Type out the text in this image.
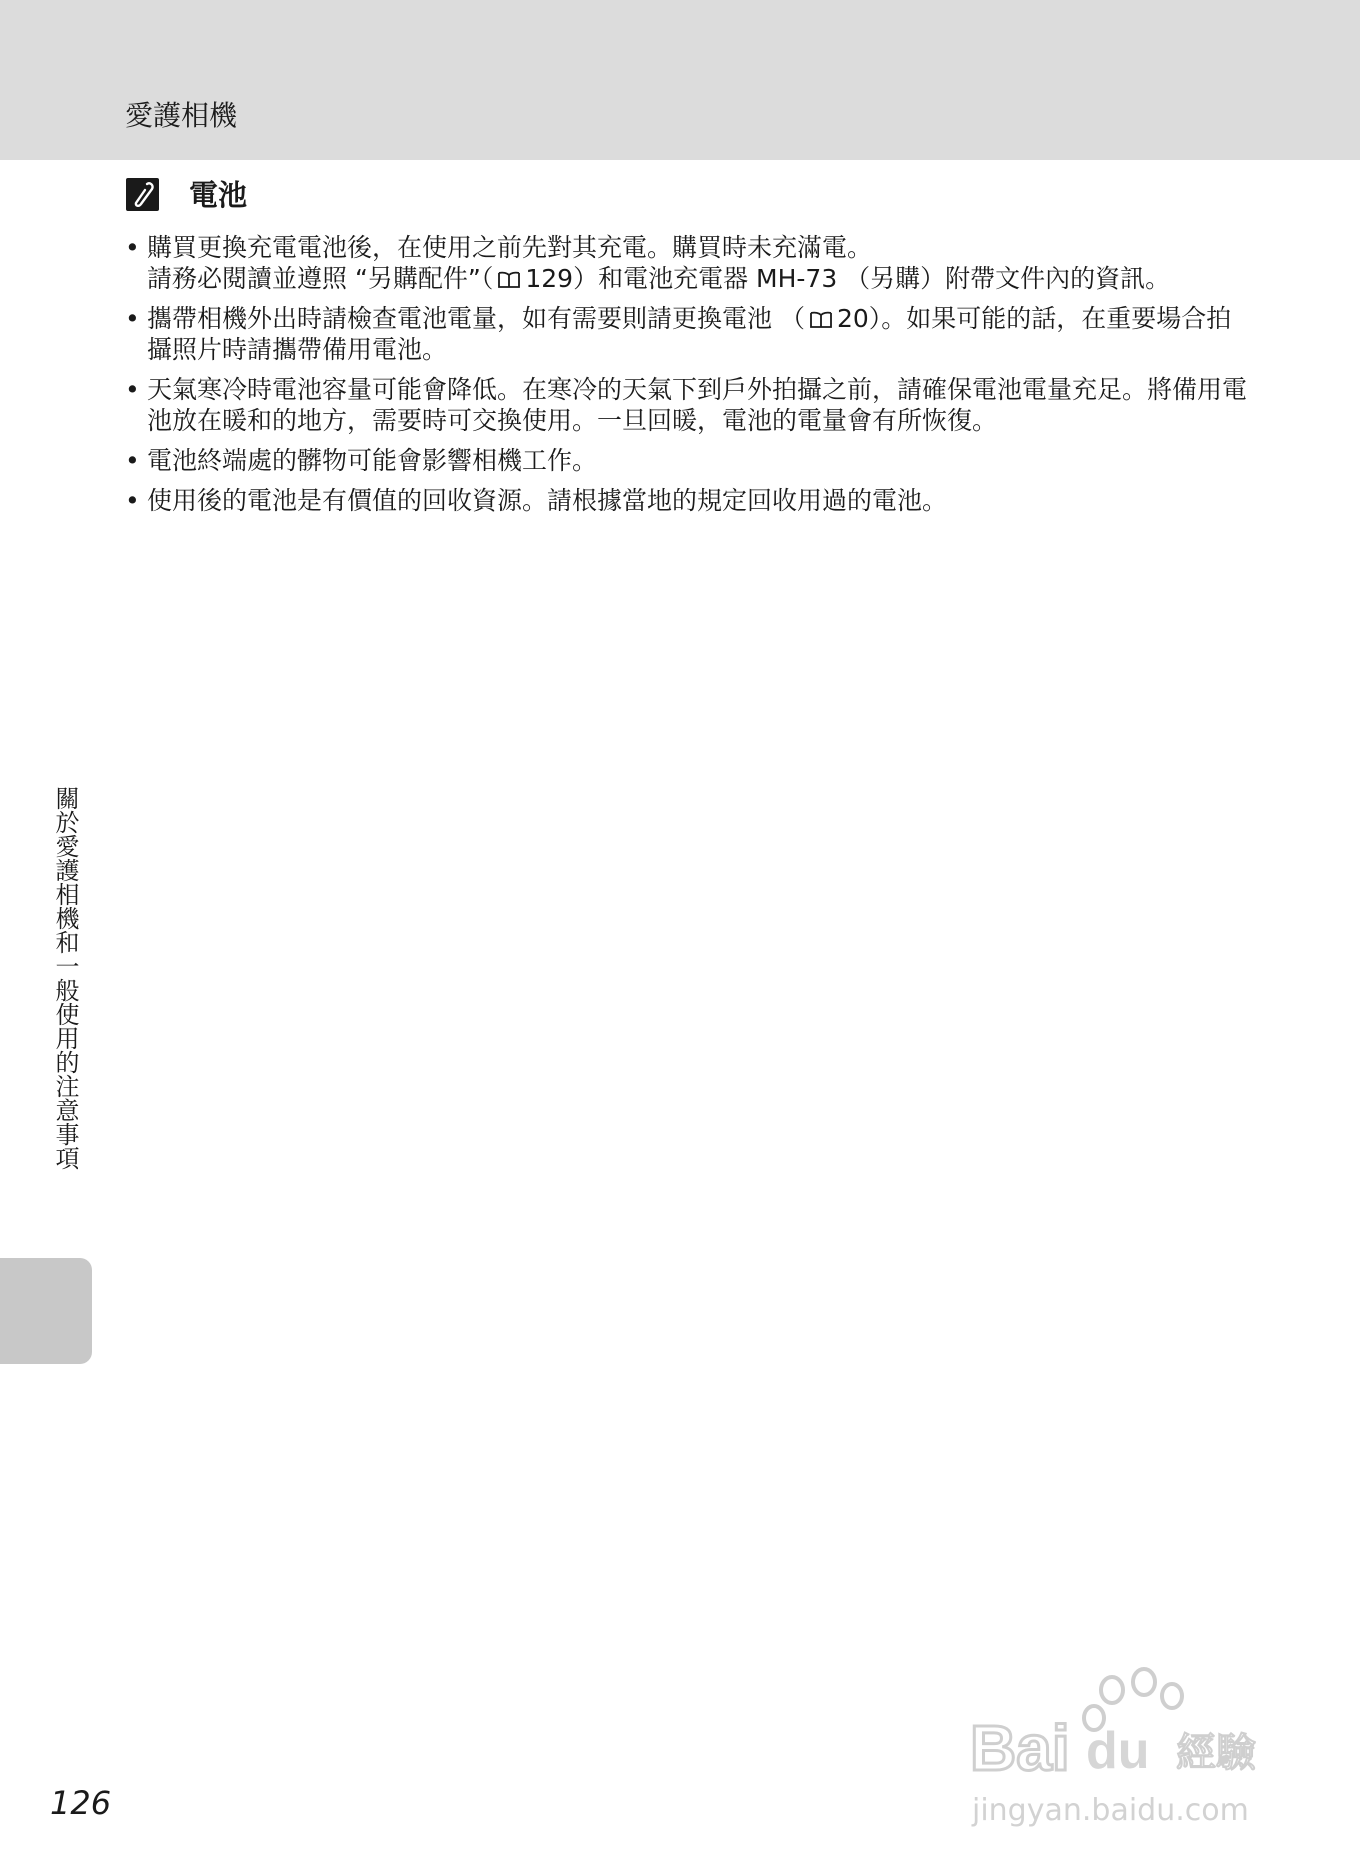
愛護相機
電池
• 購買更換充電電池後，在使用之前先對其充電。購買時未充滿電。
請務必閱讀並遵照 “另購配件”（ 129）和電池充電器 MH-73 （另購）附帶文件內的資訊。
• 攜帶相機外出時請檢查電池電量，如有需要則請更換電池 （ 20）。如果可能的話，在重要場合拍攝照片時請攜帶備用電池。
• 天氣寒冷時電池容量可能會降低。在寒冷的天氣下到戶外拍攝之前，請確保電池電量充足。將備用電池放在暖和的地方，需要時可交換使用。一旦回暖，電池的電量會有所恢復。
• 電池終端處的髒物可能會影響相機工作。
• 使用後的電池是有價值的回收資源。請根據當地的規定回收用過的電池。
關於愛護相機和一般使用的注意事項
126
Bai du 經驗
jingyan.baidu.com
